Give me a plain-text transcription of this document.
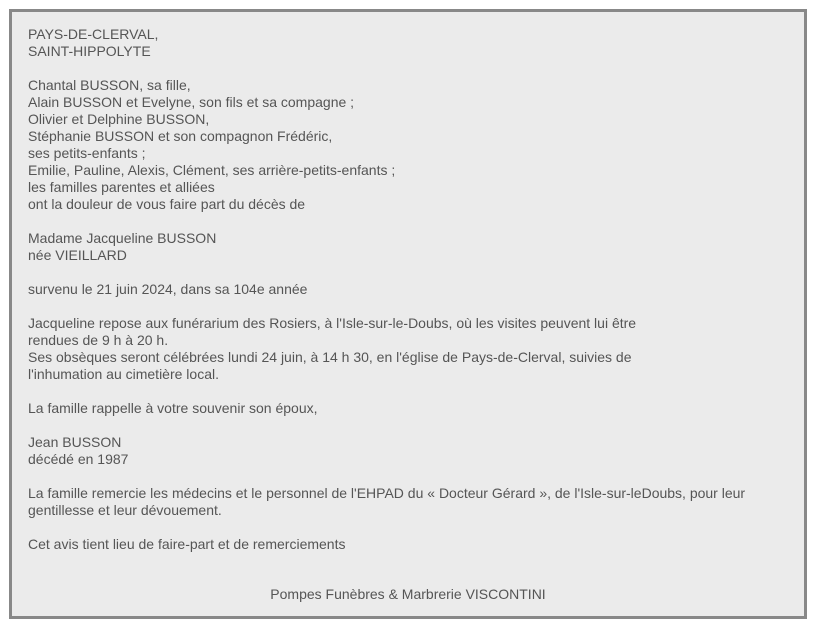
PAYS-DE-CLERVAL,
SAINT-HIPPOLYTE
Chantal BUSSON, sa fille,
Alain BUSSON et Evelyne, son fils et sa compagne ;
Olivier et Delphine BUSSON,
Stéphanie BUSSON et son compagnon Frédéric,
ses petits-enfants ;
Emilie, Pauline, Alexis, Clément, ses arrière-petits-enfants ;
les familles parentes et alliées
ont la douleur de vous faire part du décès de
Madame Jacqueline BUSSON
née VIEILLARD
survenu le 21 juin 2024, dans sa 104e année
Jacqueline repose aux funérarium des Rosiers, à l'Isle-sur-le-Doubs, où les visites peuvent lui être
rendues de 9 h à 20 h.
Ses obsèques seront célébrées lundi 24 juin, à 14 h 30, en l'église de Pays-de-Clerval, suivies de
l'inhumation au cimetière local.
La famille rappelle à votre souvenir son époux,
Jean BUSSON
décédé en 1987
La famille remercie les médecins et le personnel de l'EHPAD du « Docteur Gérard », de l'Isle-sur-leDoubs, pour leur
gentillesse et leur dévouement.
Cet avis tient lieu de faire-part et de remerciements
Pompes Funèbres & Marbrerie VISCONTINI
